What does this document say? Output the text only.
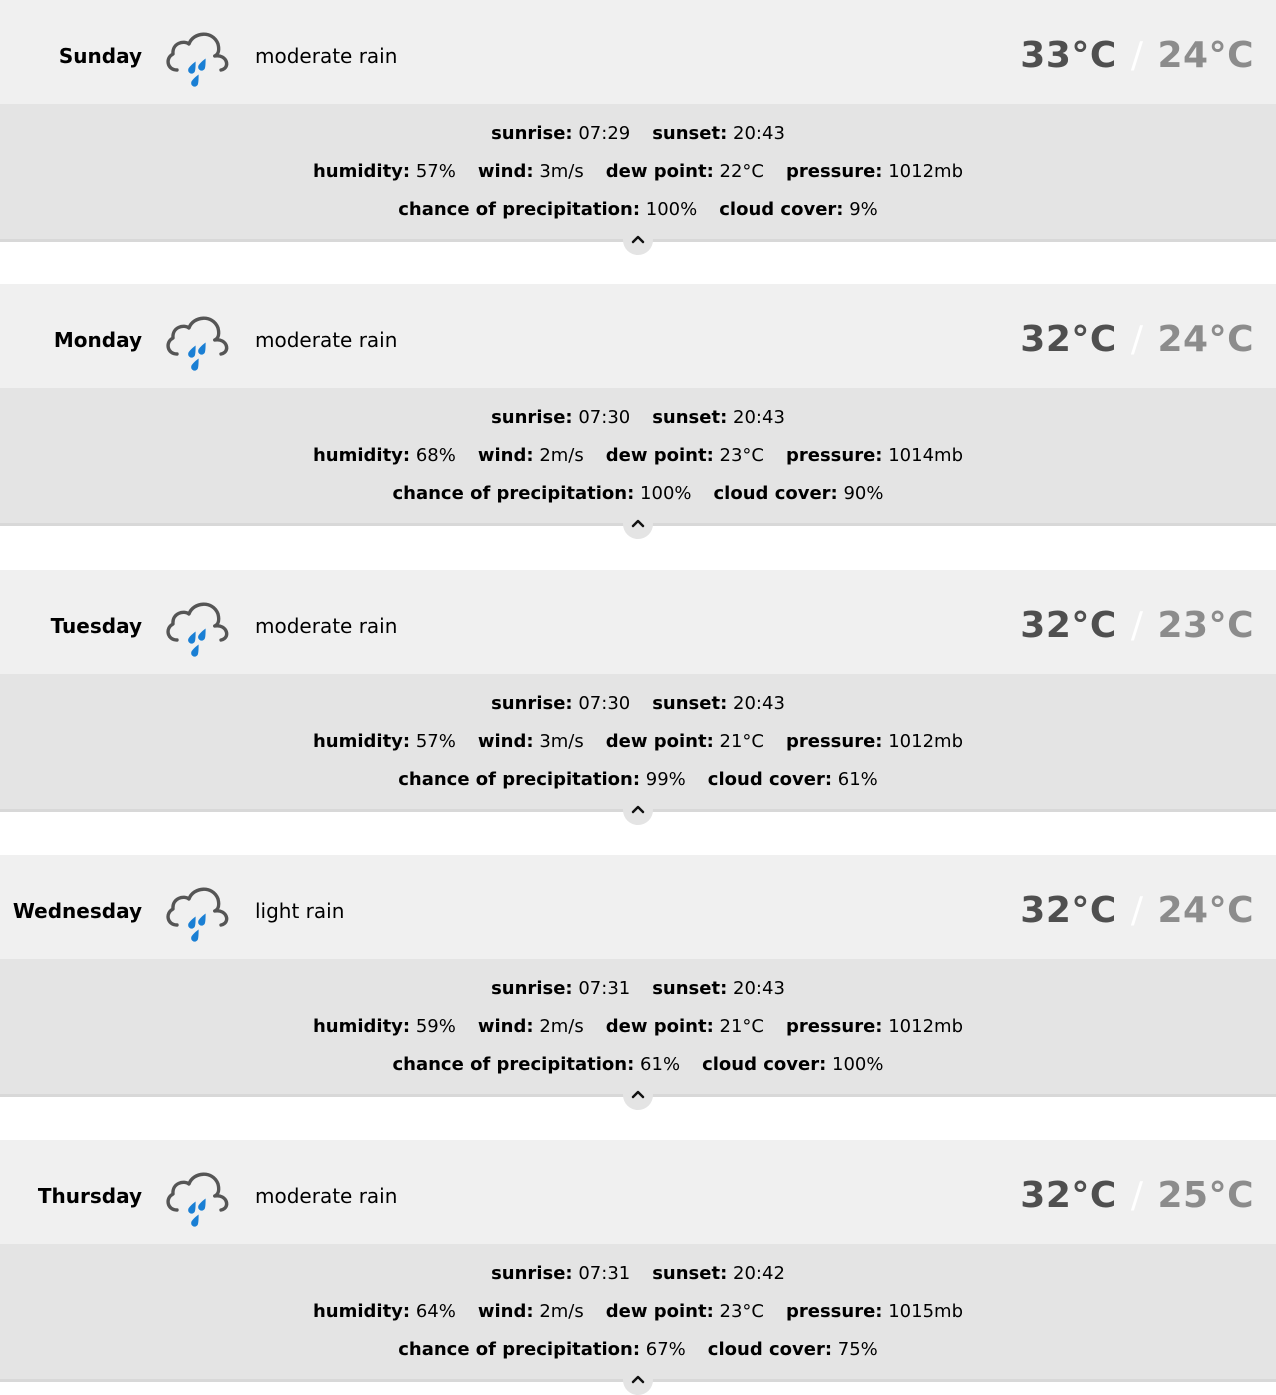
Sunday	moderate rain	33°C / 24°C
sunrise: 07:29 sunset: 20:43
humidity: 57% wind: 3m/s dew point: 22°C pressure: 1012mb
chance of precipitation: 100% cloud cover: 9%
Monday	moderate rain	32°C / 24°C
sunrise: 07:30 sunset: 20:43
humidity: 68% wind: 2m/s dew point: 23°C pressure: 1014mb
chance of precipitation: 100% cloud cover: 90%
Tuesday	moderate rain	32°C / 23°C
sunrise: 07:30 sunset: 20:43
humidity: 57% wind: 3m/s dew point: 21°C pressure: 1012mb
chance of precipitation: 99% cloud cover: 61%
Wednesday	light rain	32°C / 24°C
sunrise: 07:31 sunset: 20:43
humidity: 59% wind: 2m/s dew point: 21°C pressure: 1012mb
chance of precipitation: 61% cloud cover: 100%
Thursday	moderate rain	32°C / 25°C
sunrise: 07:31 sunset: 20:42
humidity: 64% wind: 2m/s dew point: 23°C pressure: 1015mb
chance of precipitation: 67% cloud cover: 75%
